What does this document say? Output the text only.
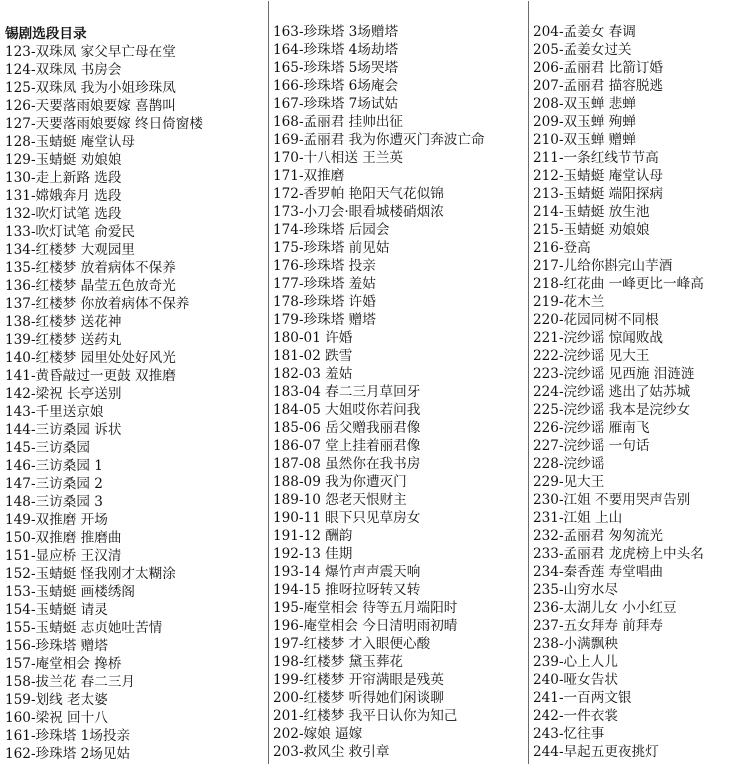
锡剧选段目录
123-双珠凤 家父早亡母在堂
124-双珠凤 书房会
125-双珠凤 我为小姐珍珠凤
126-天要落雨娘要嫁 喜鹊叫
127-天要落雨娘要嫁 终日倚窗楼
128-玉蜻蜓 庵堂认母
129-玉蜻蜓 劝娘娘
130-走上新路 选段
131-嫦娥奔月 选段
132-吹灯试笔 选段
133-吹灯试笔 俞爱民
134-红楼梦 大观园里
135-红楼梦 放着病体不保养
136-红楼梦 晶莹五色放奇光
137-红楼梦 你放着病体不保养
138-红楼梦 送花神
139-红楼梦 送药丸
140-红楼梦 园里处处好风光
141-黄昏敲过一更鼓 双推磨
142-梁祝 长亭送别
143-千里送京娘
144-三访桑园 诉状
145-三访桑园
146-三访桑园 1
147-三访桑园 2
148-三访桑园 3
149-双推磨 开场
150-双推磨 推磨曲
151-显应桥 王汉清
152-玉蜻蜓 怪我刚才太糊涂
153-玉蜻蜓 画楼绣阁
154-玉蜻蜓 请灵
155-玉蜻蜓 志贞她吐苦情
156-珍珠塔 赠塔
157-庵堂相会 搀桥
158-拔兰花 春二三月
159-划线 老太婆
160-梁祝 回十八
161-珍珠塔 1场投亲
162-珍珠塔 2场见姑
163-珍珠塔 3场赠塔
164-珍珠塔 4场劫塔
165-珍珠塔 5场哭塔
166-珍珠塔 6场庵会
167-珍珠塔 7场试姑
168-孟丽君 挂帅出征
169-孟丽君 我为你遭灭门奔波亡命
170-十八相送 王兰英
171-双推磨
172-香罗帕 艳阳天气花似锦
173-小刀会·眼看城楼硝烟浓
174-珍珠塔 后园会
175-珍珠塔 前见姑
176-珍珠塔 投亲
177-珍珠塔 羞姑
178-珍珠塔 许婚
179-珍珠塔 赠塔
180-01 许婚
181-02 跌雪
182-03 羞姑
183-04 春二三月草回牙
184-05 大姐哎你若问我
185-06 岳父赠我丽君像
186-07 堂上挂着丽君像
187-08 虽然你在我书房
188-09 我为你遭灭门
189-10 怨老天恨财主
190-11 眼下只见草房女
191-12 酬韵
192-13 佳期
193-14 爆竹声声震天响
194-15 推呀拉呀转又转
195-庵堂相会 待等五月端阳时
196-庵堂相会 今日清明雨初晴
197-红楼梦 才入眼便心酸
198-红楼梦 黛玉葬花
199-红楼梦 开帘满眼是残英
200-红楼梦 听得她们闲谈聊
201-红楼梦 我平日认你为知己
202-嫁娘 逼嫁
203-救风尘 救引章
204-孟姜女 春调
205-孟姜女过关
206-孟丽君 比箭订婚
207-孟丽君 描容脱逃
208-双玉蝉 悲蝉
209-双玉蝉 殉蝉
210-双玉蝉 赠蝉
211-一条红线节节高
212-玉蜻蜓 庵堂认母
213-玉蜻蜓 端阳探病
214-玉蜻蜓 放生池
215-玉蜻蜓 劝娘娘
216-登高
217-儿给你斟完山芋酒
218-红花曲 一峰更比一峰高
219-花木兰
220-花园同树不同根
221-浣纱谣 惊闻败战
222-浣纱谣 见大王
223-浣纱谣 见西施 泪涟涟
224-浣纱谣 逃出了姑苏城
225-浣纱谣 我本是浣纱女
226-浣纱谣 雁南飞
227-浣纱谣 一句话
228-浣纱谣
229-见大王
230-江姐 不要用哭声告别
231-江姐 上山
232-孟丽君 匆匆流光
233-孟丽君 龙虎榜上中头名
234-秦香莲 寿堂唱曲
235-山穷水尽
236-太湖儿女 小小红豆
237-五女拜寿 前拜寿
238-小满飘秧
239-心上人儿
240-哑女告状
241-一百两文银
242-一件衣裳
243-忆往事
244-早起五更夜挑灯
